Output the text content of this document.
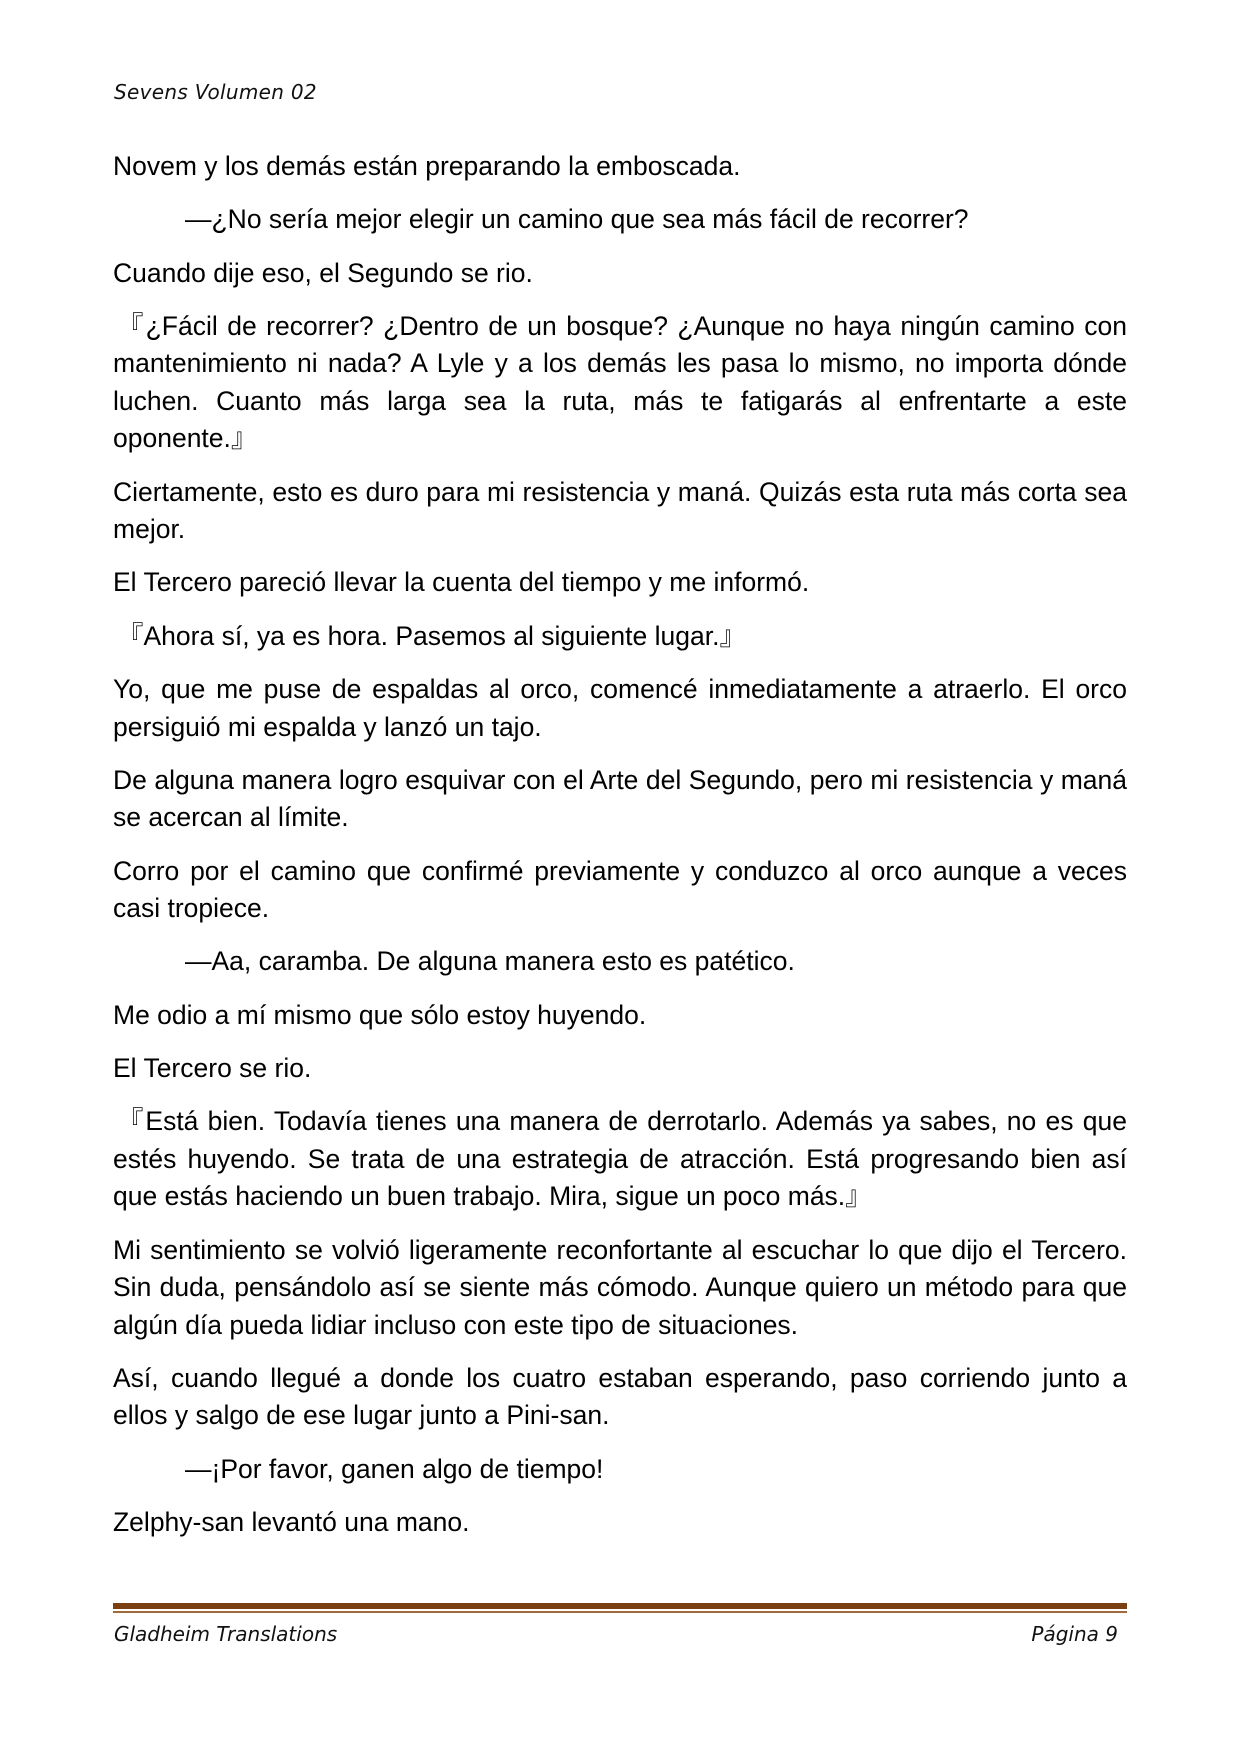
Sevens Volumen 02

Novem y los demás están preparando la emboscada.

—¿No sería mejor elegir un camino que sea más fácil de recorrer?

Cuando dije eso, el Segundo se rio.

『¿Fácil de recorrer? ¿Dentro de un bosque? ¿Aunque no haya ningún camino con mantenimiento ni nada? A Lyle y a los demás les pasa lo mismo, no importa dónde luchen. Cuanto más larga sea la ruta, más te fatigarás al enfrentarte a este oponente.』

Ciertamente, esto es duro para mi resistencia y maná. Quizás esta ruta más corta sea mejor.

El Tercero pareció llevar la cuenta del tiempo y me informó.

『Ahora sí, ya es hora. Pasemos al siguiente lugar.』

Yo, que me puse de espaldas al orco, comencé inmediatamente a atraerlo. El orco persiguió mi espalda y lanzó un tajo.

De alguna manera logro esquivar con el Arte del Segundo, pero mi resistencia y maná se acercan al límite.

Corro por el camino que confirmé previamente y conduzco al orco aunque a veces casi tropiece.

—Aa, caramba. De alguna manera esto es patético.

Me odio a mí mismo que sólo estoy huyendo.

El Tercero se rio.

『Está bien. Todavía tienes una manera de derrotarlo. Además ya sabes, no es que estés huyendo. Se trata de una estrategia de atracción. Está progresando bien así que estás haciendo un buen trabajo. Mira, sigue un poco más.』

Mi sentimiento se volvió ligeramente reconfortante al escuchar lo que dijo el Tercero. Sin duda, pensándolo así se siente más cómodo. Aunque quiero un método para que algún día pueda lidiar incluso con este tipo de situaciones.

Así, cuando llegué a donde los cuatro estaban esperando, paso corriendo junto a ellos y salgo de ese lugar junto a Pini-san.

—¡Por favor, ganen algo de tiempo!

Zelphy-san levantó una mano.

Gladheim Translations	Página 9
